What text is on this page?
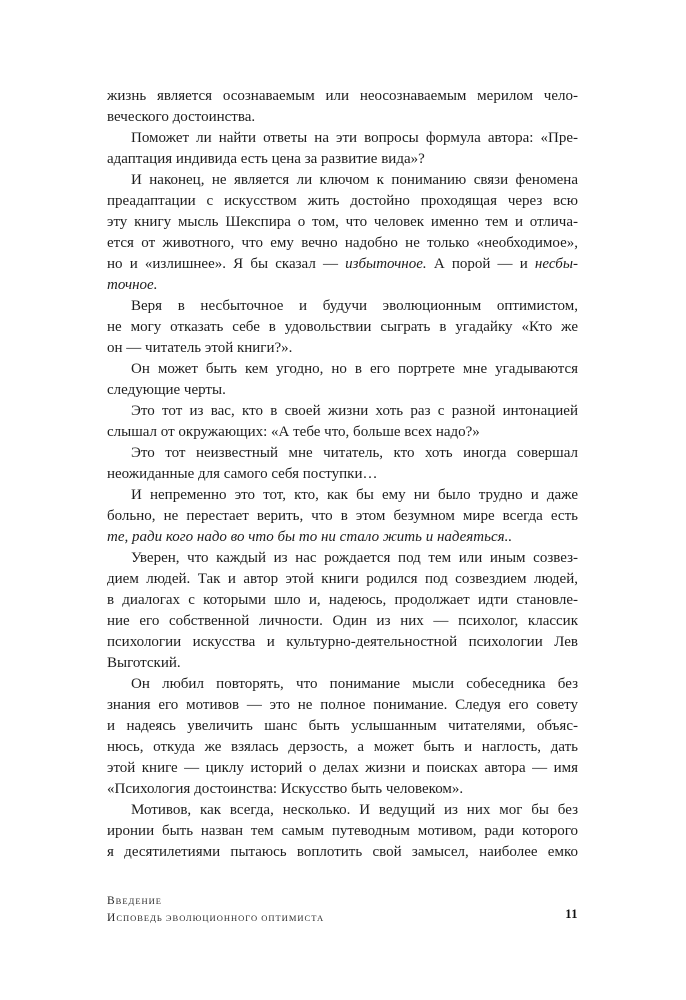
жизнь является осознаваемым или неосознаваемым мерилом чело-
веческого достоинства.
Поможет ли найти ответы на эти вопросы формула автора: «Пре-
адаптация индивида есть цена за развитие вида»?
И наконец, не является ли ключом к пониманию связи феномена
преадаптации с искусством жить достойно проходящая через всю
эту книгу мысль Шекспира о том, что человек именно тем и отлича-
ется от животного, что ему вечно надобно не только «необходимое»,
но и «излишнее». Я бы сказал — избыточное. А порой — и несбы-
точное.
Веря в несбыточное и будучи эволюционным оптимистом,
не могу отказать себе в удовольствии сыграть в угадайку «Кто же
он — читатель этой книги?».
Он может быть кем угодно, но в его портрете мне угадываются
следующие черты.
Это тот из вас, кто в своей жизни хоть раз с разной интонацией
слышал от окружающих: «А тебе что, больше всех надо?»
Это тот неизвестный мне читатель, кто хоть иногда совершал
неожиданные для самого себя поступки…
И непременно это тот, кто, как бы ему ни было трудно и даже
больно, не перестает верить, что в этом безумном мире всегда есть
те, ради кого надо во что бы то ни стало жить и надеяться..
Уверен, что каждый из нас рождается под тем или иным созвез-
дием людей. Так и автор этой книги родился под созвездием людей,
в диалогах с которыми шло и, надеюсь, продолжает идти становле-
ние его собственной личности. Один из них — психолог, классик
психологии искусства и культурно-деятельностной психологии Лев
Выготский.
Он любил повторять, что понимание мысли собеседника без
знания его мотивов — это не полное понимание. Следуя его совету
и надеясь увеличить шанс быть услышанным читателями, объяс-
нюсь, откуда же взялась дерзость, а может быть и наглость, дать
этой книге — циклу историй о делах жизни и поисках автора — имя
«Психология достоинства: Искусство быть человеком».
Мотивов, как всегда, несколько. И ведущий из них мог бы без
иронии быть назван тем самым путеводным мотивом, ради которого
я десятилетиями пытаюсь воплотить свой замысел, наиболее емко
ВВЕДЕНИЕ
ИСПОВЕДЬ ЭВОЛЮЦИОННОГО ОПТИМИСТА	11
